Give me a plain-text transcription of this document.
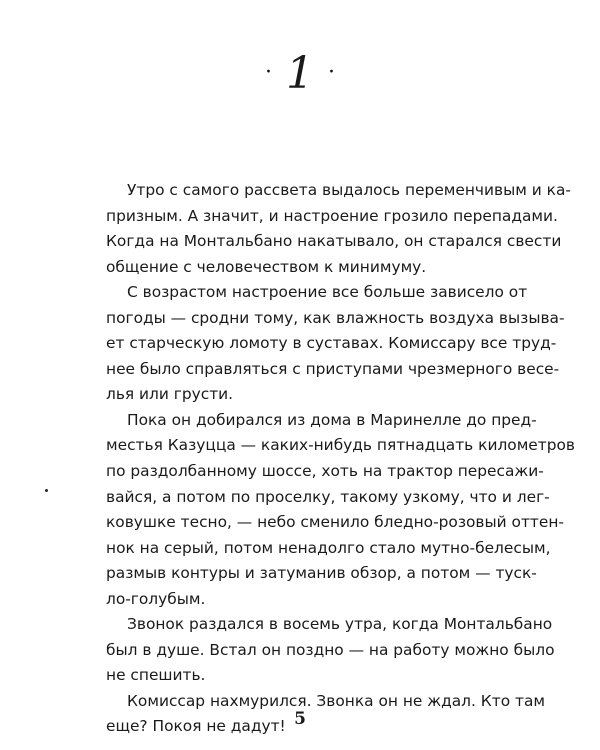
· 1 ·
Утро с самого рассвета выдалось переменчивым и ка-
призным. А значит, и настроение грозило перепадами.
Когда на Монтальбано накатывало, он старался свести
общение с человечеством к минимуму.
С возрастом настроение все больше зависело от
погоды — сродни тому, как влажность воздуха вызыва-
ет старческую ломоту в суставах. Комиссару все труд-
нее было справляться с приступами чрезмерного весе-
лья или грусти.
Пока он добирался из дома в Маринелле до пред-
местья Казуцца — каких-нибудь пятнадцать километров
по раздолбанному шоссе, хоть на трактор пересажи-
вайся, а потом по проселку, такому узкому, что и лег-
ковушке тесно, — небо сменило бледно-розовый оттен-
нок на серый, потом ненадолго стало мутно-белесым,
размыв контуры и затуманив обзор, а потом — туск-
ло-голубым.
Звонок раздался в восемь утра, когда Монтальбано
был в душе. Встал он поздно — на работу можно было
не спешить.
Комиссар нахмурился. Звонка он не ждал. Кто там
еще? Покоя не дадут! 5
